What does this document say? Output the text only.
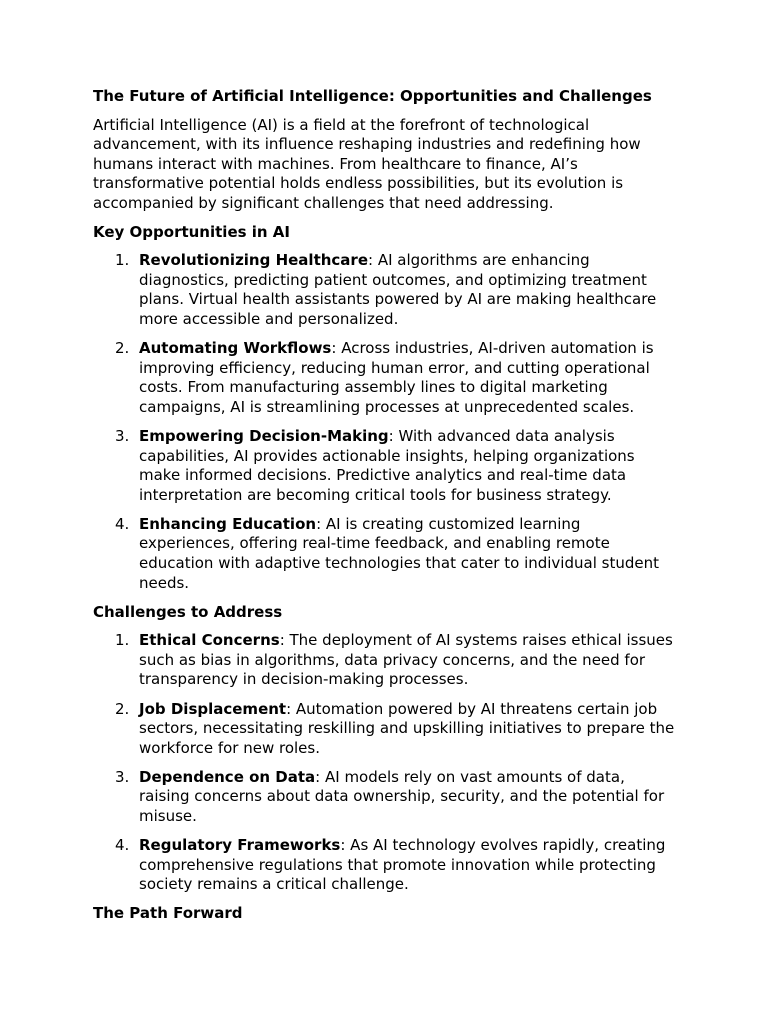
The Future of Artificial Intelligence: Opportunities and Challenges

Artificial Intelligence (AI) is a field at the forefront of technological advancement, with its influence reshaping industries and redefining how humans interact with machines. From healthcare to finance, AI’s transformative potential holds endless possibilities, but its evolution is accompanied by significant challenges that need addressing.

Key Opportunities in AI
1. Revolutionizing Healthcare: AI algorithms are enhancing diagnostics, predicting patient outcomes, and optimizing treatment plans. Virtual health assistants powered by AI are making healthcare more accessible and personalized.
2. Automating Workflows: Across industries, AI-driven automation is improving efficiency, reducing human error, and cutting operational costs. From manufacturing assembly lines to digital marketing campaigns, AI is streamlining processes at unprecedented scales.
3. Empowering Decision-Making: With advanced data analysis capabilities, AI provides actionable insights, helping organizations make informed decisions. Predictive analytics and real-time data interpretation are becoming critical tools for business strategy.
4. Enhancing Education: AI is creating customized learning experiences, offering real-time feedback, and enabling remote education with adaptive technologies that cater to individual student needs.
Challenges to Address
1. Ethical Concerns: The deployment of AI systems raises ethical issues such as bias in algorithms, data privacy concerns, and the need for transparency in decision-making processes.
2. Job Displacement: Automation powered by AI threatens certain job sectors, necessitating reskilling and upskilling initiatives to prepare the workforce for new roles.
3. Dependence on Data: AI models rely on vast amounts of data, raising concerns about data ownership, security, and the potential for misuse.
4. Regulatory Frameworks: As AI technology evolves rapidly, creating comprehensive regulations that promote innovation while protecting society remains a critical challenge.
The Path Forward
